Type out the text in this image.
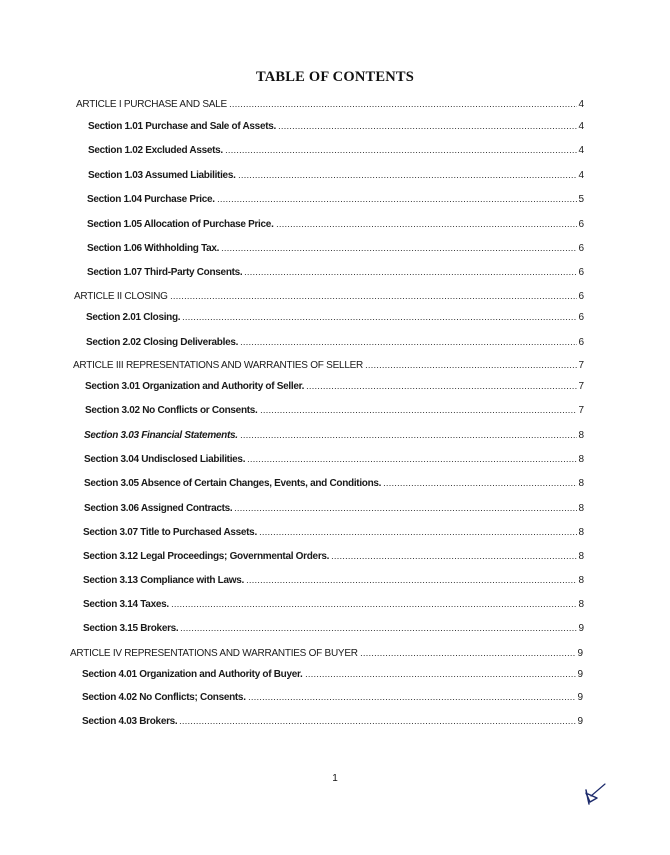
TABLE OF CONTENTS
ARTICLE I PURCHASE AND SALE	4
Section 1.01 Purchase and Sale of Assets.	4
Section 1.02 Excluded Assets.	4
Section 1.03 Assumed Liabilities.	4
Section 1.04 Purchase Price.	5
Section 1.05 Allocation of Purchase Price.	6
Section 1.06 Withholding Tax.	6
Section 1.07 Third-Party Consents.	6
ARTICLE II CLOSING	6
Section 2.01 Closing.	6
Section 2.02 Closing Deliverables.	6
ARTICLE III REPRESENTATIONS AND WARRANTIES OF SELLER	7
Section 3.01 Organization and Authority of Seller.	7
Section 3.02 No Conflicts or Consents.	7
Section 3.03 Financial Statements.	8
Section 3.04 Undisclosed Liabilities.	8
Section 3.05 Absence of Certain Changes, Events, and Conditions.	8
Section 3.06 Assigned Contracts.	8
Section 3.07 Title to Purchased Assets.	8
Section 3.12 Legal Proceedings; Governmental Orders.	8
Section 3.13 Compliance with Laws.	8
Section 3.14 Taxes.	8
Section 3.15 Brokers.	9
ARTICLE IV REPRESENTATIONS AND WARRANTIES OF BUYER	9
Section 4.01 Organization and Authority of Buyer.	9
Section 4.02 No Conflicts; Consents.	9
Section 4.03 Brokers.	9
1
